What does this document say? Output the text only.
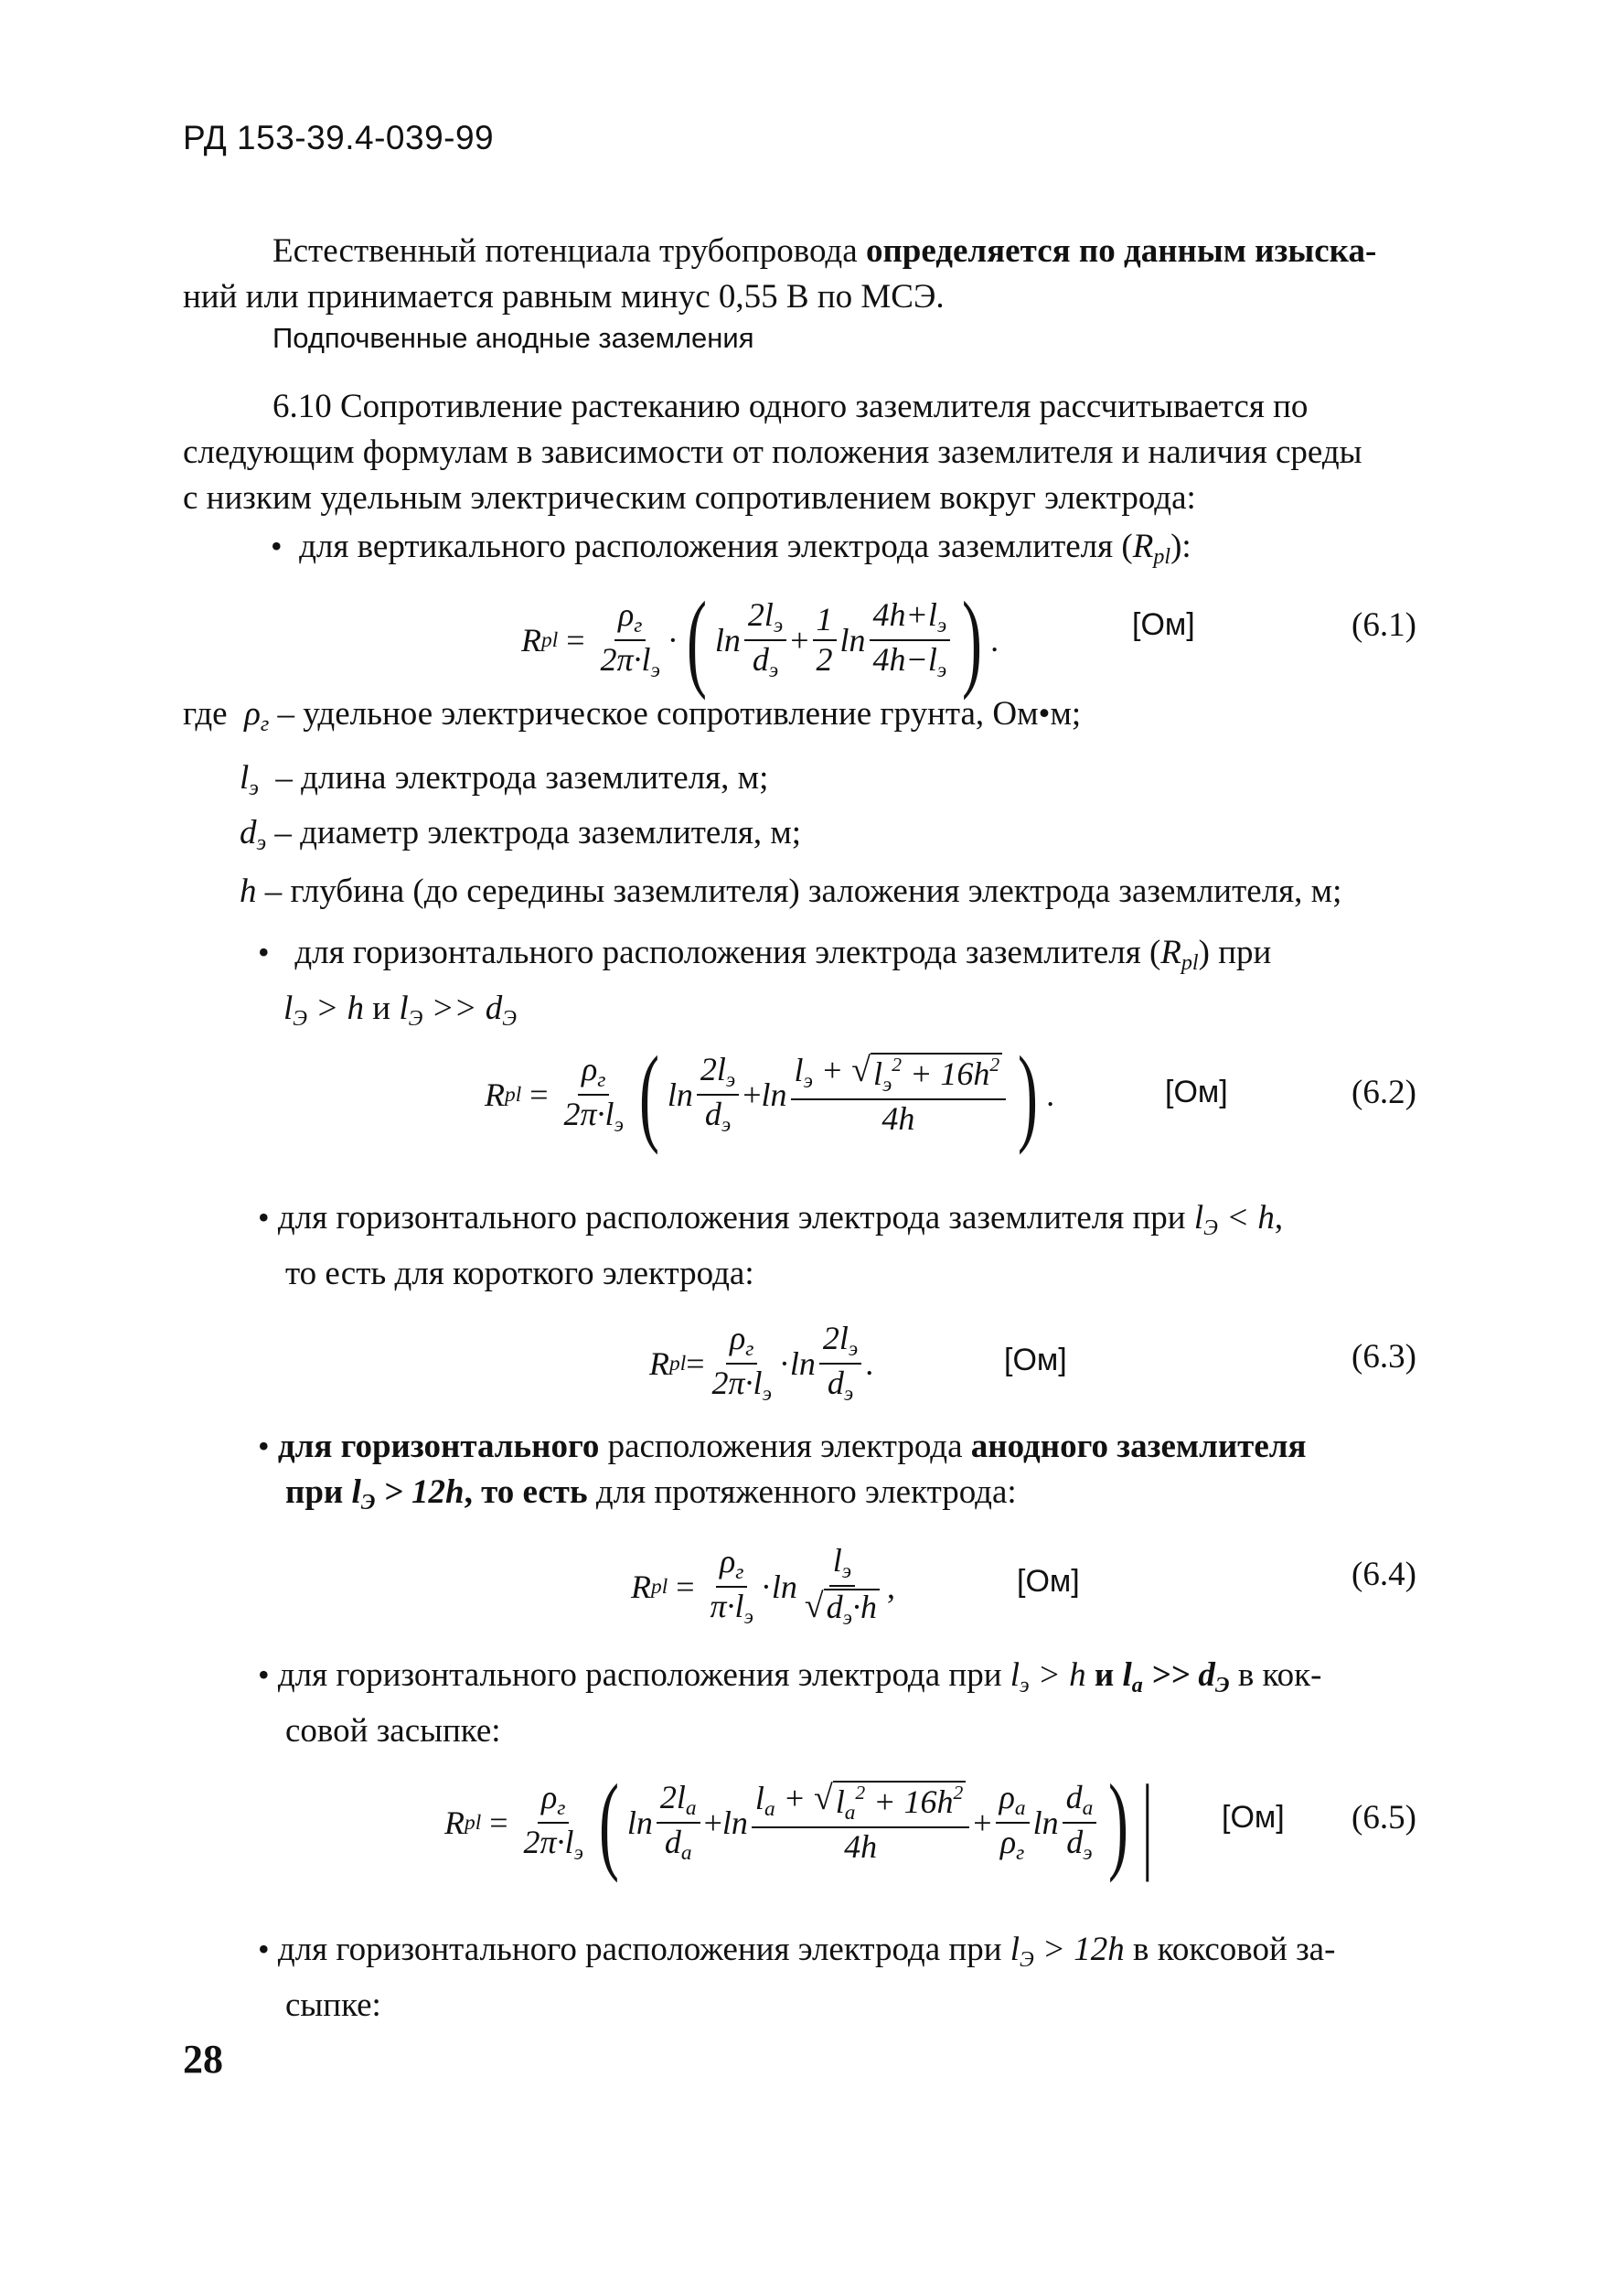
РД 153-39.4-039-99
Естественный потенциала трубопровода определяется по данным изыска-
ний или принимается равным минус 0,55 В по МСЭ.
Подпочвенные анодные заземления
6.10 Сопротивление растеканию одного заземлителя рассчитывается по
следующим формулам в зависимости от положения заземлителя и наличия среды
с низким удельным электрическим сопротивлением вокруг электрода:
• для вертикального расположения электрода заземлителя $(R_{pl})$:
R pl = $\frac{\rho_г}{2\pi\cdot l_э}$ · ( $\ln \frac{2l_э}{d_э} + \frac{1}{2}$ $\ln \frac{4h+l_э}{4h-l_э}$ ) .	[Ом]	(6.1)
где $\rho_г$ – удельное электрическое сопротивление грунта, Ом•м;
$l_э$ – длина электрода заземлителя, м;
$d_э$ – диаметр электрода заземлителя, м;
h – глубина (до середины заземлителя) заложения электрода заземлителя, м;
• для горизонтального расположения электрода заземлителя $(R_{pl})$ при
$l_Э > h$ и $l_Э >> d_Э$
R pl = $\frac{\rho_г}{2\pi\cdot l_э}$ ( $\ln \frac{2l_э}{d_э} + \ln \frac{l_э + √ l_э^2 + 16h^2}{4h}$ ) .	[Ом]	(6.2)
• для горизонтального расположения электрода заземлителя при $l_Э < h$,
то есть для короткого электрода:
R pl = $\frac{\rho_г}{2\pi\cdot l_э} \cdot \ln \frac{2l_э}{d_э}$ .	[Ом]	(6.3)
• для горизонтального расположения электрода анодного заземлителя
при $l_Э > 12h$, то есть для протяженного электрода:
R pl = $\frac{\rho_г}{\pi\cdot l_э} \cdot \ln \frac{l_э}{√ d_э\cdot h}$ ,	[Ом]	(6.4)
• для горизонтального расположения электрода при $l_э > h$ и $l_a >> d_Э$ в кок-
совой засыпке:
R pl = $\frac{\rho_г}{2\pi\cdot l_э}$ ( $\ln \frac{2l_a}{d_a} + \ln \frac{l_a + √ l_a^2 + 16h^2}{4h} + \frac{\rho_a}{\rho_г}$ $\ln \frac{d_a}{d_э}$ ) | [Ом] (6.5)
• для горизонтального расположения электрода при $l_Э > 12h$ в коксовой за-
сыпке:
28
